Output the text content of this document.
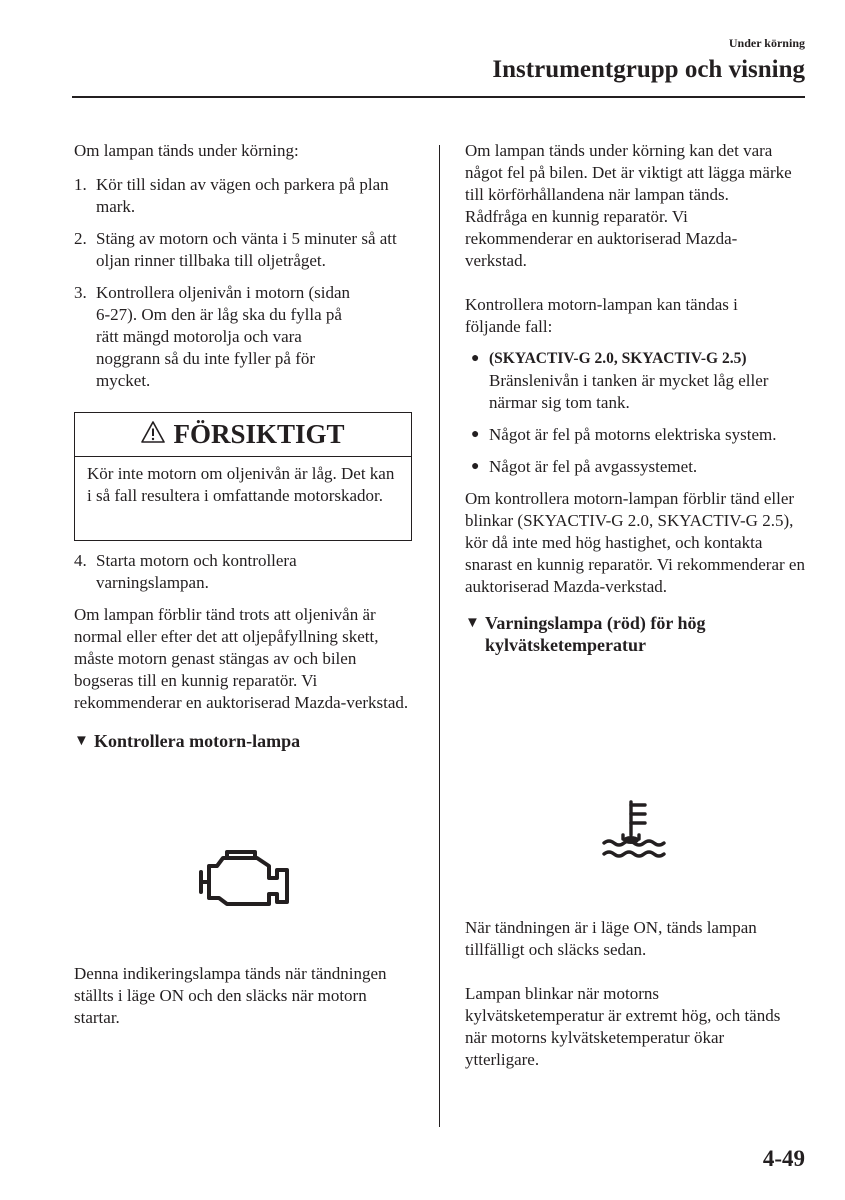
Under körning
Instrumentgrupp och visning

Om lampan tänds under körning:

1. Kör till sidan av vägen och parkera på plan mark.

2. Stäng av motorn och vänta i 5 minuter så att oljan rinner tillbaka till oljetråget.

3. Kontrollera oljenivån i motorn (sidan 6-27). Om den är låg ska du fylla på rätt mängd motorolja och vara noggrann så du inte fyller på för mycket.

FÖRSIKTIGT
Kör inte motorn om oljenivån är låg. Det kan i så fall resultera i omfattande motorskador.
4. Starta motorn och kontrollera varningslampan.

Om lampan förblir tänd trots att oljenivån är normal eller efter det att oljepåfyllning skett, måste motorn genast stängas av och bilen bogseras till en kunnig reparatör. Vi rekommenderar en auktoriserad Mazda-verkstad.

▼ Kontrollera motorn-lampa
Denna indikeringslampa tänds när tändningen ställts i läge ON och den släcks när motorn startar.

Om lampan tänds under körning kan det vara något fel på bilen. Det är viktigt att lägga märke till körförhållandena när lampan tänds. Rådfråga en kunnig reparatör. Vi rekommenderar en auktoriserad Mazda-verkstad.

Kontrollera motorn-lampan kan tändas i följande fall:

● (SKYACTIV-G 2.0, SKYACTIV-G 2.5)

Bränslenivån i tanken är mycket låg eller närmar sig tom tank.

● Något är fel på motorns elektriska system.

● Något är fel på avgassystemet.

Om kontrollera motorn-lampan förblir tänd eller blinkar (SKYACTIV-G 2.0, SKYACTIV-G 2.5), kör då inte med hög hastighet, och kontakta snarast en kunnig reparatör. Vi rekommenderar en auktoriserad Mazda-verkstad.

▼ Varningslampa (röd) för hög kylvätsketemperatur

När tändningen är i läge ON, tänds lampan tillfälligt och släcks sedan.

Lampan blinkar när motorns kylvätsketemperatur är extremt hög, och tänds när motorns kylvätsketemperatur ökar ytterligare.

4-49
